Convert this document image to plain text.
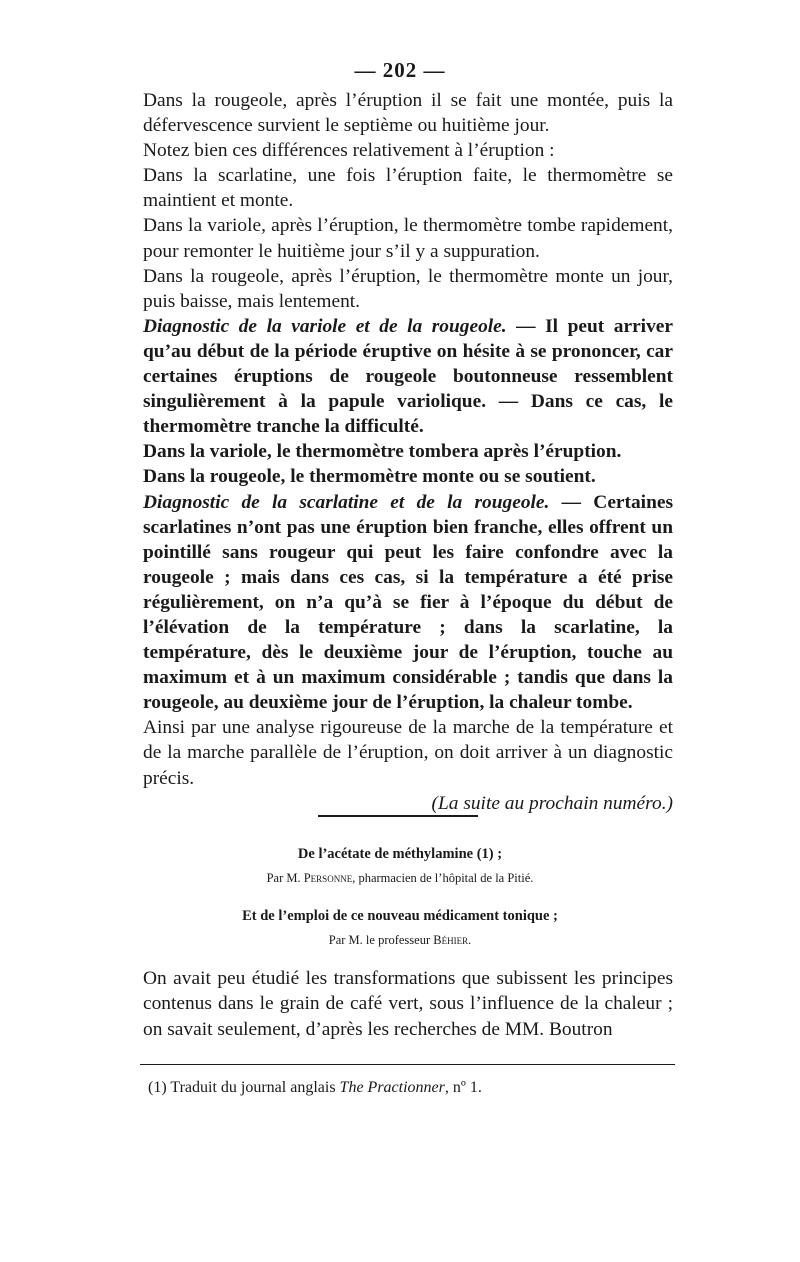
— 202 —

Dans la rougeole, après l’éruption il se fait une montée, puis la défervescence survient le septième ou huitième jour.

Notez bien ces différences relativement à l’éruption :

Dans la scarlatine, une fois l’éruption faite, le thermomètre se maintient et monte.

Dans la variole, après l’éruption, le thermomètre tombe rapidement, pour remonter le huitième jour s’il y a suppuration.

Dans la rougeole, après l’éruption, le thermomètre monte un jour, puis baisse, mais lentement.

Diagnostic de la variole et de la rougeole. — Il peut arriver qu’au début de la période éruptive on hésite à se prononcer, car certaines éruptions de rougeole boutonneuse ressemblent singulièrement à la papule variolique. — Dans ce cas, le thermomètre tranche la difficulté.

Dans la variole, le thermomètre tombera après l’éruption.

Dans la rougeole, le thermomètre monte ou se soutient.

Diagnostic de la scarlatine et de la rougeole. — Certaines scarlatines n’ont pas une éruption bien franche, elles offrent un pointillé sans rougeur qui peut les faire confondre avec la rougeole ; mais dans ces cas, si la température a été prise régulièrement, on n’a qu’à se fier à l’époque du début de l’élévation de la température ; dans la scarlatine, la température, dès le deuxième jour de l’éruption, touche au maximum et à un maximum considérable ; tandis que dans la rougeole, au deuxième jour de l’éruption, la chaleur tombe.

Ainsi par une analyse rigoureuse de la marche de la température et de la marche parallèle de l’éruption, on doit arriver à un diagnostic précis.

(La suite au prochain numéro.)

De l’acétate de méthylamine (1) ;
Par M. Personne, pharmacien de l’hôpital de la Pitié.
Et de l’emploi de ce nouveau médicament tonique ;
Par M. le professeur Béhier.

On avait peu étudié les transformations que subissent les principes contenus dans le grain de café vert, sous l’influence de la chaleur ; on savait seulement, d’après les recherches de MM. Boutron

(1) Traduit du journal anglais The Practionner, nº 1.
